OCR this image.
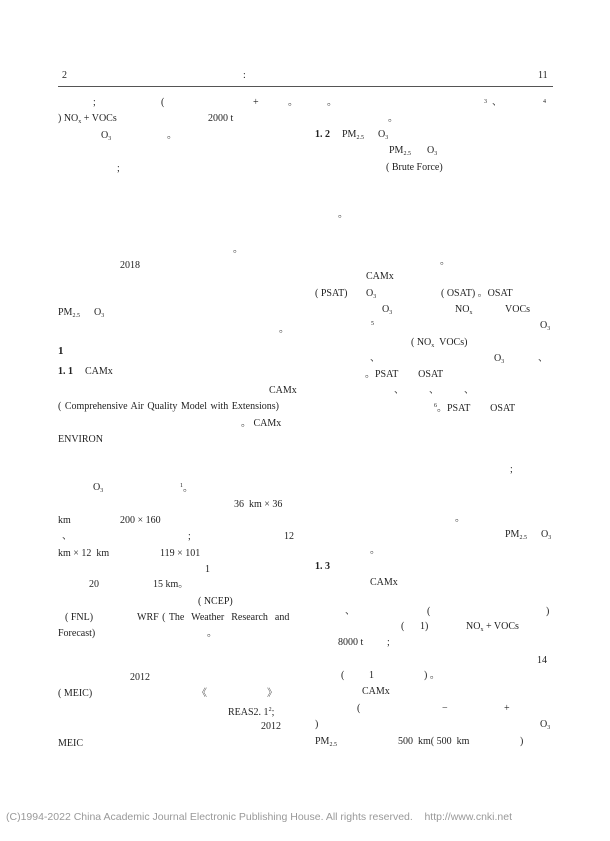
2	:	11
;	(	+	。
) $NO_x$ + VOCs	2000 t
$O_3$	。
;
。
2018
$PM_{2.5}$ $O_3$
。
1
1. 1 CAMx
CAMx
( Comprehensive Air Quality Model with Extensions)
。 CAMx
ENVIRON
$O_3$
$^1$。
36  km × 36
km	200 × 160
、	;	12
km × 12  km	119 × 101
1
20	15 km。
( NCEP)
( FNL)	WRF ( The  Weather  Research  and
Forecast)	。
2012
( MEIC)	《	》
REAS2. $1^2$;
2012
MEIC
。	3 、	4
。
1. 2 $PM_{2.5}$ $O_3$
$PM_{2.5}$ $O_3$
( Brute Force)
。
。
CAMx
( PSAT) $O_3$	( OSAT) 。OSAT
$O_3$	$NO_x$	VOCs
5	$O_3$
( $NO_x$ VOCs)
、	$O_3$	、
。PSAT        OSAT
、          、          、
$^6$。PSAT        OSAT
;
。
$PM_{2.5}$ $O_3$
。
1. 3
CAMx
、	(	)
( 1)	$NO_x$ + VOCs
8000 t ;
14
( 1	) 。
CAMx
(	−	+
)	$O_3$
$PM_{2.5}$	500  km( 500  km	)
(C)1994-2022 China Academic Journal Electronic Publishing House. All rights reserved.    http://www.cnki.net
